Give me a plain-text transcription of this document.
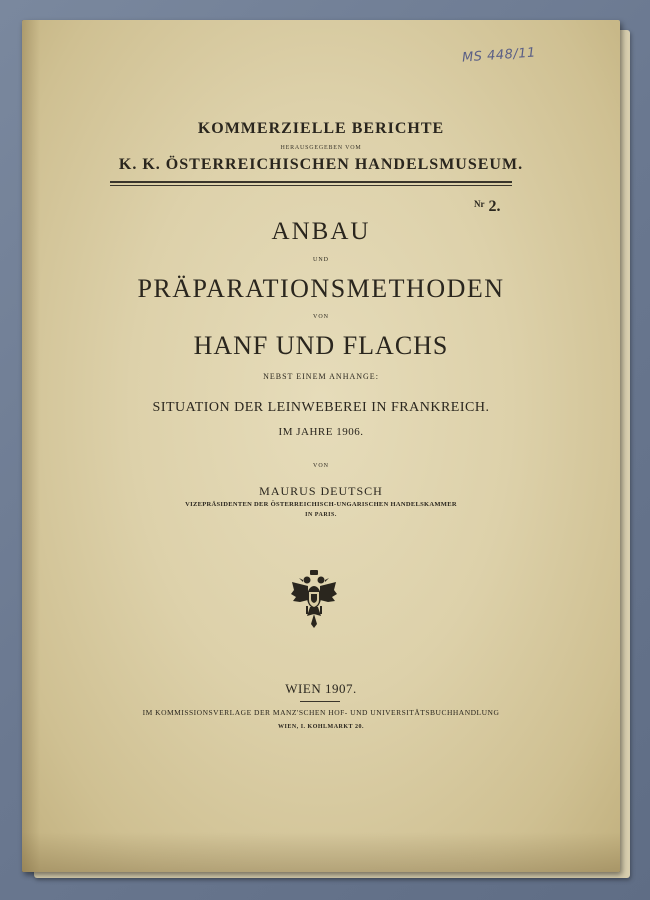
MS 448/11
KOMMERZIELLE BERICHTE
HERAUSGEGEBEN VOM
K. K. ÖSTERREICHISCHEN HANDELSMUSEUM.
$^{Nr}$ 2.
ANBAU
UND
PRÄPARATIONSMETHODEN
VON
HANF UND FLACHS
NEBST EINEM ANHANGE:
SITUATION DER LEINWEBEREI IN FRANKREICH.
IM JAHRE 1906.
VON
MAURUS DEUTSCH
VIZEPRÄSIDENTEN DER ÖSTERREICHISCH-UNGARISCHEN HANDELSKAMMER
IN PARIS.
WIEN 1907.
IM KOMMISSIONSVERLAGE DER MANZ'SCHEN HOF- UND UNIVERSITÄTSBUCHHANDLUNG
WIEN, I. KOHLMARKT 20.
